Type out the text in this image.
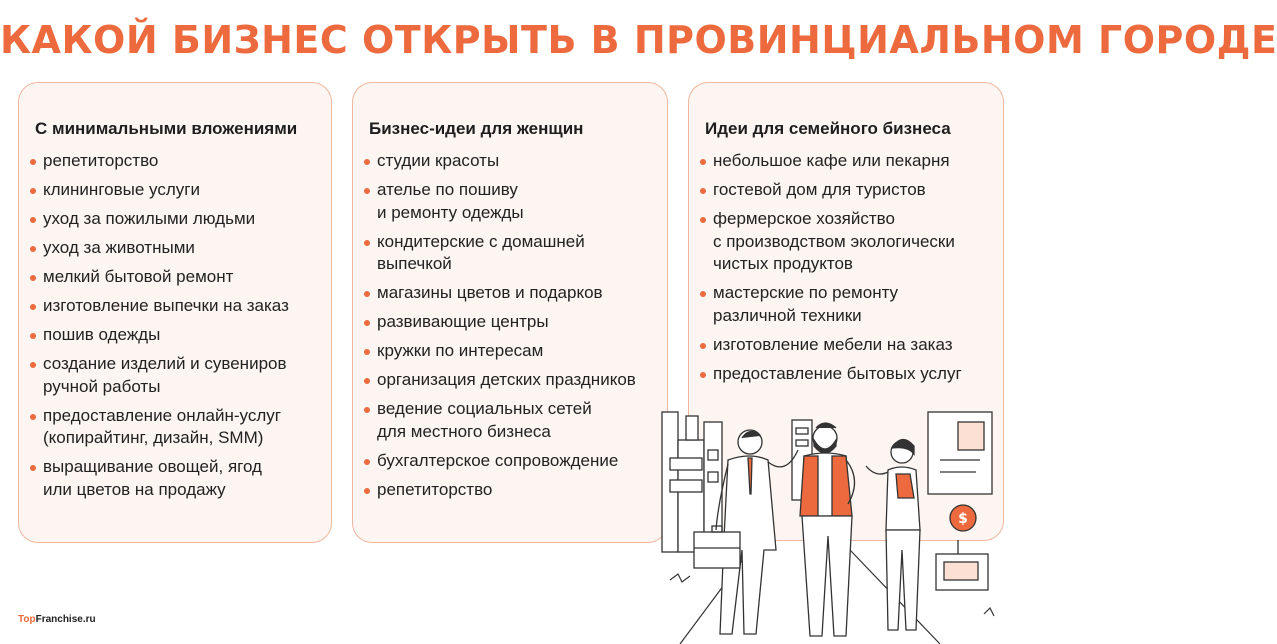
КАКОЙ БИЗНЕС ОТКРЫТЬ В ПРОВИНЦИАЛЬНОМ ГОРОДЕ
С минимальными вложениями
репетиторство
клининговые услуги
уход за пожилыми людьми
уход за животными
мелкий бытовой ремонт
изготовление выпечки на заказ
пошив одежды
создание изделий и сувениров
ручной работы
предоставление онлайн-услуг
(копирайтинг, дизайн, SMM)
выращивание овощей, ягод
или цветов на продажу
Бизнес-идеи для женщин
студии красоты
ателье по пошиву
и ремонту одежды
кондитерские с домашней
выпечкой
магазины цветов и подарков
развивающие центры
кружки по интересам
организация детских праздников
ведение социальных сетей
для местного бизнеса
бухгалтерское сопровождение
репетиторство
Идеи для семейного бизнеса
небольшое кафе или пекарня
гостевой дом для туристов
фермерское хозяйство
с производством экологически
чистых продуктов
мастерские по ремонту
различной техники
изготовление мебели на заказ
предоставление бытовых услуг
TopFranchise.ru
$
